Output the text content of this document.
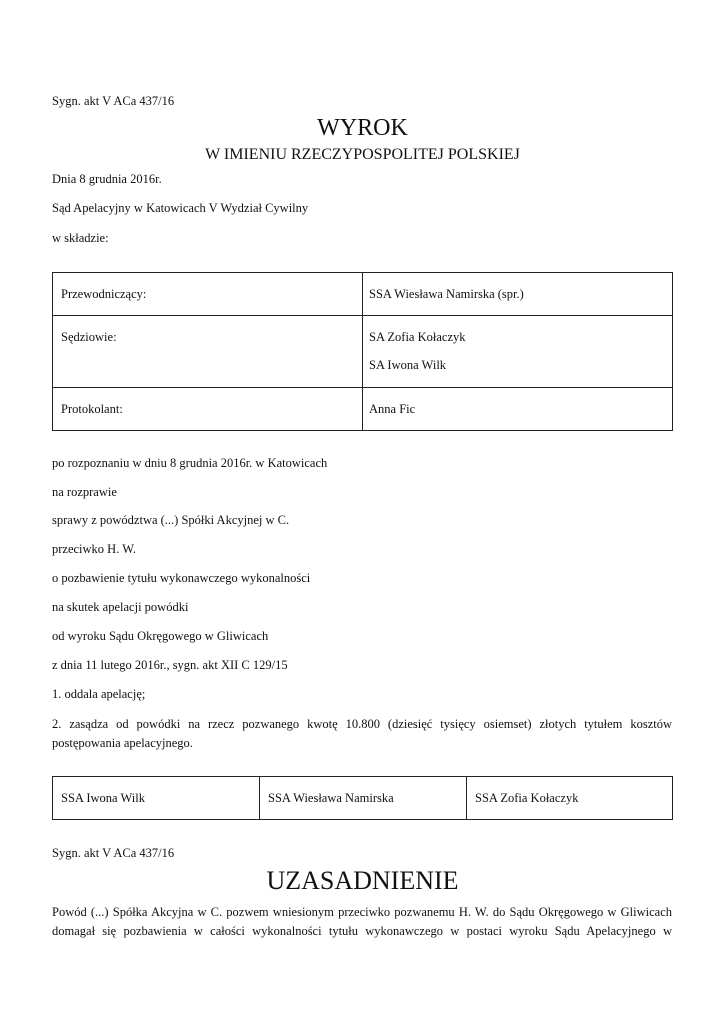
Sygn. akt V ACa 437/16
WYROK
W IMIENIU RZECZYPOSPOLITEJ POLSKIEJ
Dnia 8 grudnia 2016r.
Sąd Apelacyjny w Katowicach V Wydział Cywilny
w składzie:
Przewodniczący:	SSA Wiesława Namirska (spr.)

Sędziowie:	SA Zofia Kołaczyk
SA Iwona Wilk

Protokolant:	Anna Fic
po rozpoznaniu w dniu 8 grudnia 2016r. w Katowicach
na rozprawie
sprawy z powództwa (...) Spółki Akcyjnej w C.
przeciwko H. W.
o pozbawienie tytułu wykonawczego wykonalności
na skutek apelacji powódki
od wyroku Sądu Okręgowego w Gliwicach
z dnia 11 lutego 2016r., sygn. akt XII C 129/15
1. oddala apelację;
2. zasądza od powódki na rzecz pozwanego kwotę 10.800 (dziesięć tysięcy osiemset) złotych tytułem kosztów
postępowania apelacyjnego.
SSA Iwona Wilk	SSA Wiesława Namirska	SSA Zofia Kołaczyk
Sygn. akt V ACa 437/16
UZASADNIENIE
Powód (...) Spółka Akcyjna w C. pozwem wniesionym przeciwko pozwanemu H. W. do Sądu Okręgowego w Gliwicach
domagał się pozbawienia w całości wykonalności tytułu wykonawczego w postaci wyroku Sądu Apelacyjnego w
